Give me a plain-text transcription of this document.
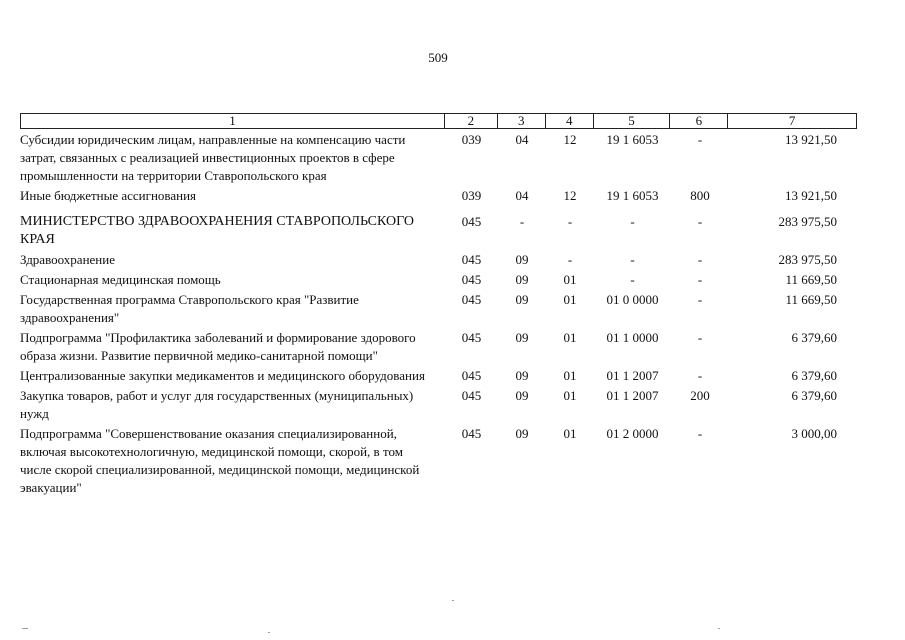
509
1	2	3	4	5	6	7
Субсидии юридическим лицам, направленные на компенсацию части затрат, связанных с реализацией инвестиционных проектов в сфере промышленности на территории Ставропольского края
039	04	12	19 1 6053	-	13 921,50
Иные бюджетные ассигнования	039	04	12	19 1 6053	800	13 921,50
МИНИСТЕРСТВО ЗДРАВООХРАНЕНИЯ СТАВРОПОЛЬСКОГО КРАЯ
045	-	-	-	-	283 975,50
Здравоохранение	045	09	-	-	-	283 975,50
Стационарная медицинская помощь	045	09	01	-	-	11 669,50
Государственная программа Ставропольского края "Развитие здравоохранения"
045	09	01	01 0 0000	-	11 669,50
Подпрограмма "Профилактика заболеваний и формирование здорового образа жизни. Развитие первичной медико-санитарной помощи"
045	09	01	01 1 0000	-	6 379,60
Централизованные закупки медикаментов и медицинского оборудования	045	09	01	01 1 2007	-	6 379,60
Закупка товаров, работ и услуг для государственных (муниципальных) нужд
045	09	01	01 1 2007	200	6 379,60
Подпрограмма "Совершенствование оказания специализированной, включая высокотехнологичную, медицинской помощи, скорой, в том числе скорой специализированной, медицинской помощи, медицинской эвакуации"
045	09	01	01 2 0000	-	3 000,00
